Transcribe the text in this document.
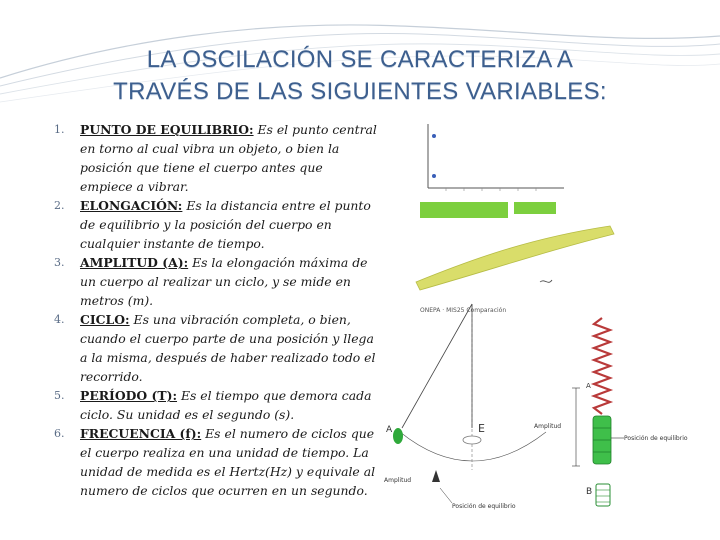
LA OSCILACIÓN SE CARACTERIZA A
TRAVÉS DE LAS SIGUIENTES VARIABLES:

1. PUNTO DE EQUILIBRIO: Es el punto central en torno al cual vibra un objeto, o bien la posición que tiene el cuerpo antes que empiece a vibrar.

2. ELONGACIÓN: Es la distancia entre el punto de equilibrio y la posición del cuerpo en cualquier instante de tiempo.

3. AMPLITUD (A): Es la elongación máxima de un cuerpo al realizar un ciclo, y se mide en metros (m).

4. CICLO: Es una vibración completa, o bien, cuando el cuerpo parte de una posición y llega a la misma, después de haber realizado todo el recorrido.

5. PERÍODO (T): Es el tiempo que demora cada ciclo. Su unidad es el segundo (s).

6. FRECUENCIA (f): Es el numero de ciclos que el cuerpo realiza en una unidad de tiempo. La unidad de medida es el Hertz(Hz) y equivale al numero de ciclos que ocurren en un segundo.

ONEPA · MIS25 Comparación
A	E
Amplitud
Posición de equilibrio
A
Amplitud
Posición de equilibrio
B
